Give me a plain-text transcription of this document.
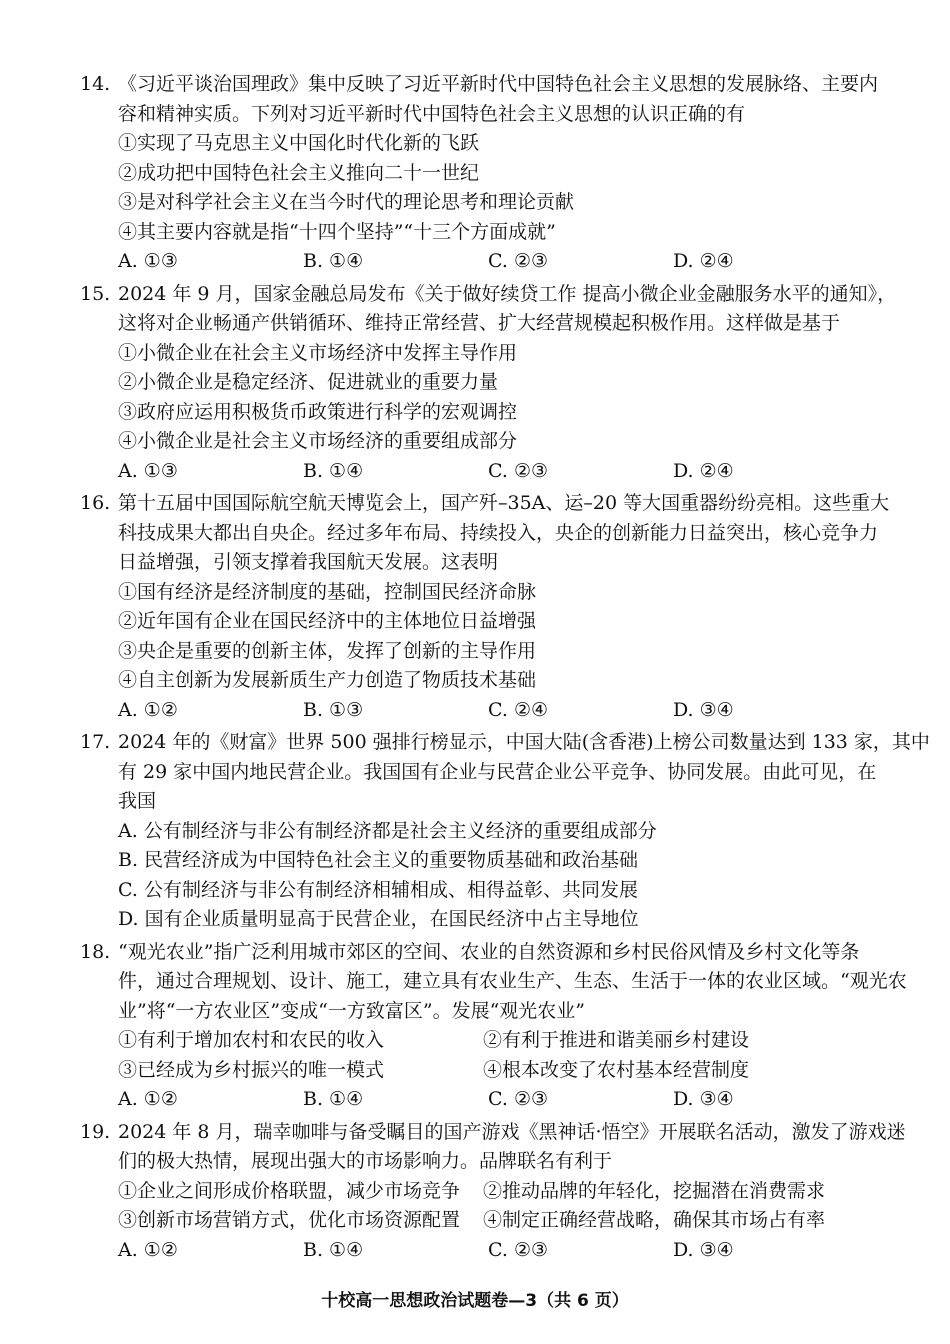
14. 《习近平谈治国理政》集中反映了习近平新时代中国特色社会主义思想的发展脉络、主要内
容和精神实质。下列对习近平新时代中国特色社会主义思想的认识正确的有
①实现了马克思主义中国化时代化新的飞跃
②成功把中国特色社会主义推向二十一世纪
③是对科学社会主义在当今时代的理论思考和理论贡献
④其主要内容就是指“十四个坚持”“十三个方面成就”
A. ①③	B. ①④	C. ②③	D. ②④
15. 2024 年 9 月，国家金融总局发布《关于做好续贷工作 提高小微企业金融服务水平的通知》，
这将对企业畅通产供销循环、维持正常经营、扩大经营规模起积极作用。这样做是基于
①小微企业在社会主义市场经济中发挥主导作用
②小微企业是稳定经济、促进就业的重要力量
③政府应运用积极货币政策进行科学的宏观调控
④小微企业是社会主义市场经济的重要组成部分
A. ①③	B. ①④	C. ②③	D. ②④
16. 第十五届中国国际航空航天博览会上，国产歼–35A、运–20 等大国重器纷纷亮相。这些重大
科技成果大都出自央企。经过多年布局、持续投入，央企的创新能力日益突出，核心竞争力
日益增强，引领支撑着我国航天发展。这表明
①国有经济是经济制度的基础，控制国民经济命脉
②近年国有企业在国民经济中的主体地位日益增强
③央企是重要的创新主体，发挥了创新的主导作用
④自主创新为发展新质生产力创造了物质技术基础
A. ①②	B. ①③	C. ②④	D. ③④
17. 2024 年的《财富》世界 500 强排行榜显示，中国大陆(含香港)上榜公司数量达到 133 家，其中
有 29 家中国内地民营企业。我国国有企业与民营企业公平竞争、协同发展。由此可见，在
我国
A. 公有制经济与非公有制经济都是社会主义经济的重要组成部分
B. 民营经济成为中国特色社会主义的重要物质基础和政治基础
C. 公有制经济与非公有制经济相辅相成、相得益彰、共同发展
D. 国有企业质量明显高于民营企业，在国民经济中占主导地位
18. “观光农业”指广泛利用城市郊区的空间、农业的自然资源和乡村民俗风情及乡村文化等条
件，通过合理规划、设计、施工，建立具有农业生产、生态、生活于一体的农业区域。“观光农
业”将“一方农业区”变成“一方致富区”。发展“观光农业”
①有利于增加农村和农民的收入	②有利于推进和谐美丽乡村建设
③已经成为乡村振兴的唯一模式	④根本改变了农村基本经营制度
A. ①②	B. ①④	C. ②③	D. ③④
19. 2024 年 8 月，瑞幸咖啡与备受瞩目的国产游戏《黑神话·悟空》开展联名活动，激发了游戏迷
们的极大热情，展现出强大的市场影响力。品牌联名有利于
①企业之间形成价格联盟，减少市场竞争	②推动品牌的年轻化，挖掘潜在消费需求
③创新市场营销方式，优化市场资源配置	④制定正确经营战略，确保其市场占有率
A. ①②	B. ①④	C. ②③	D. ③④
十校高一思想政治试题卷—3（共 6 页）
